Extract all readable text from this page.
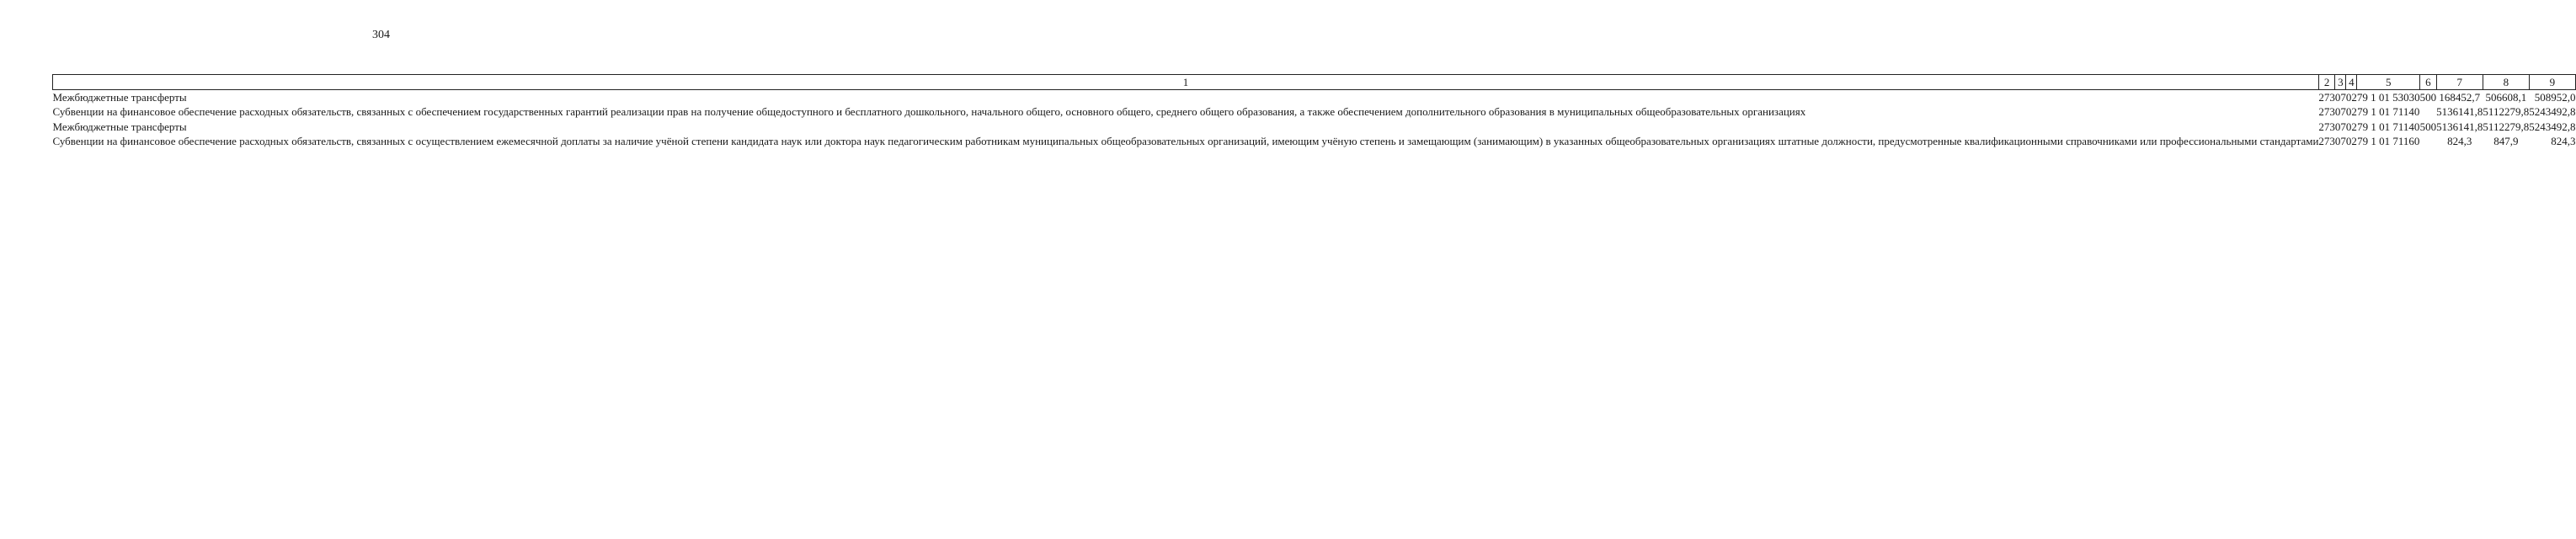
304
1	2	3	4	5	6	7	8	9
Межбюджетные трансферты	273	07	02	79 1 01 53030	500	168452,7	506608,1	508952,0
Субвенции на финансовое обеспечение расходных обязательств, связанных с обеспечением государственных гарантий реализации прав на получение общедоступного и бесплатного дошкольного, начального общего, основного общего, среднего общего образования, а также обеспечением дополнительного образования в муниципальных общеобразовательных организациях	273	07	02	79 1 01 71140		5136141,8	5112279,8	5243492,8
Межбюджетные трансферты	273	07	02	79 1 01 71140	500	5136141,8	5112279,8	5243492,8
Субвенции на финансовое обеспечение расходных обязательств, связанных с осуществлением ежемесячной доплаты за наличие учёной степени кандидата наук или доктора наук педагогическим работникам муниципальных общеобразовательных организаций, имеющим учёную степень и замещающим (занимающим) в указанных общеобразовательных организациях штатные должности, предусмотренные квалификационными справочниками или профессиональными стандартами	273	07	02	79 1 01 71160		824,3	847,9	824,3
